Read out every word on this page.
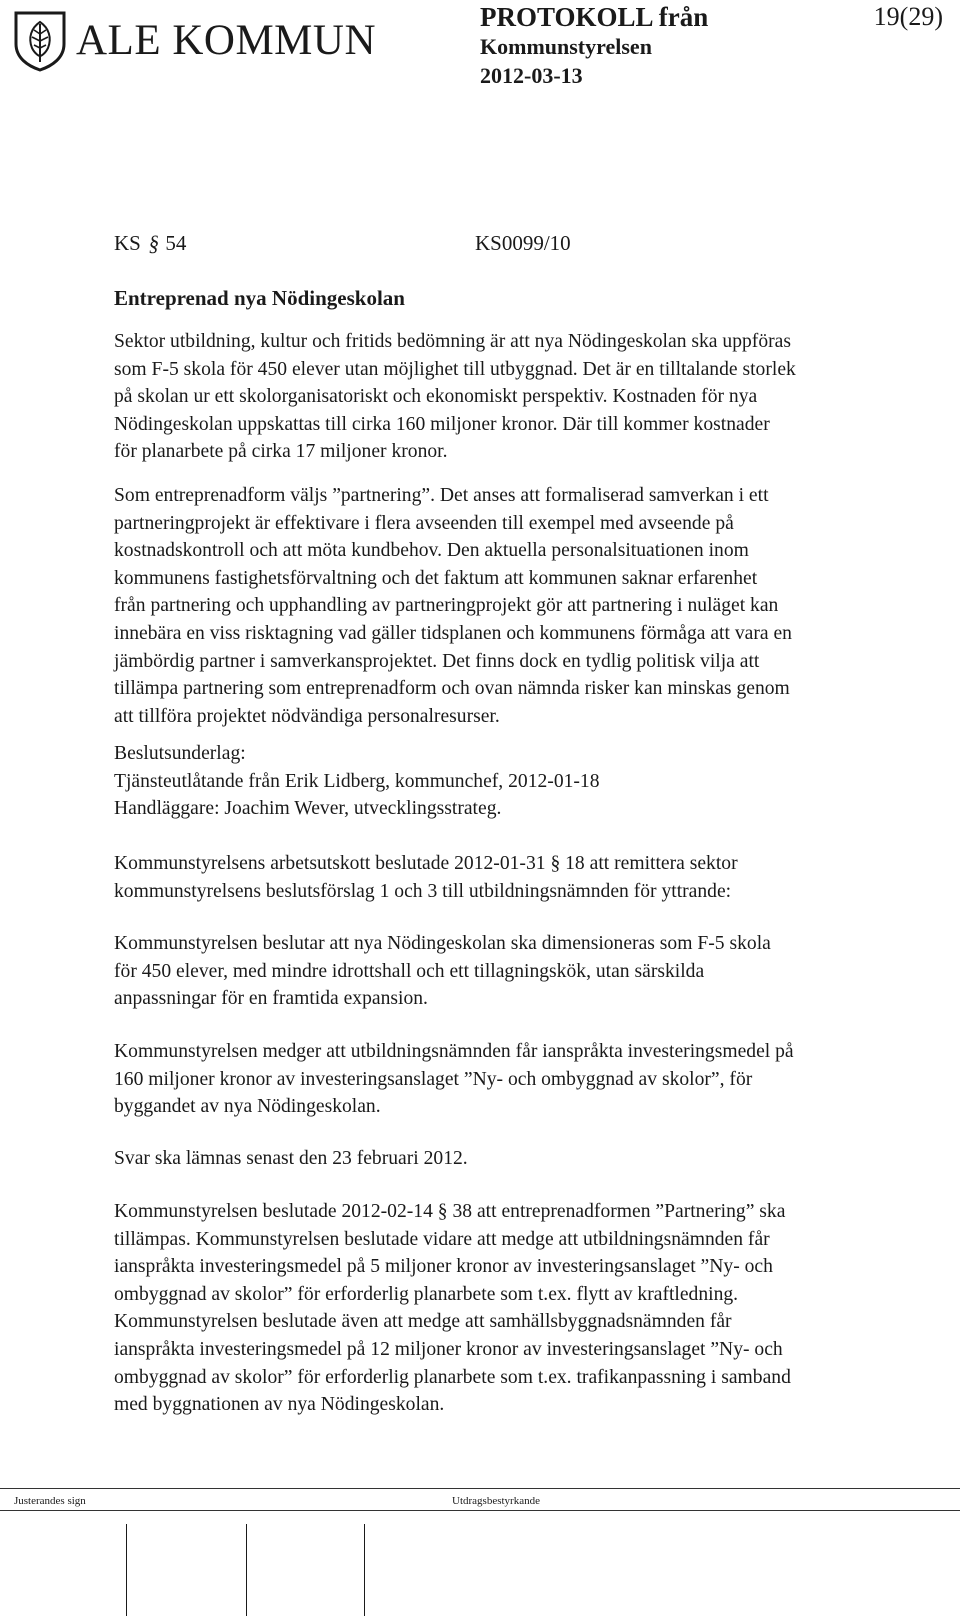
ALE KOMMUN	PROTOKOLL från
Kommunstyrelsen
2012-03-13
19(29)
KS § 54	KS0099/10
Entreprenad nya Nödingeskolan

Sektor utbildning, kultur och fritids bedömning är att nya Nödingeskolan ska uppföras
som F-5 skola för 450 elever utan möjlighet till utbyggnad. Det är en tilltalande storlek
på skolan ur ett skolorganisatoriskt och ekonomiskt perspektiv. Kostnaden för nya
Nödingeskolan uppskattas till cirka 160 miljoner kronor. Där till kommer kostnader
för planarbete på cirka 17 miljoner kronor.

Som entreprenadform väljs ”partnering”. Det anses att formaliserad samverkan i ett
partneringprojekt är effektivare i flera avseenden till exempel med avseende på
kostnadskontroll och att möta kundbehov. Den aktuella personalsituationen inom
kommunens fastighetsförvaltning och det faktum att kommunen saknar erfarenhet
från partnering och upphandling av partneringprojekt gör att partnering i nuläget kan
innebära en viss risktagning vad gäller tidsplanen och kommunens förmåga att vara en
jämbördig partner i samverkansprojektet. Det finns dock en tydlig politisk vilja att
tillämpa partnering som entreprenadform och ovan nämnda risker kan minskas genom
att tillföra projektet nödvändiga personalresurser.

Beslutsunderlag:
Tjänsteutlåtande från Erik Lidberg, kommunchef, 2012-01-18
Handläggare: Joachim Wever, utvecklingsstrateg.

Kommunstyrelsens arbetsutskott beslutade 2012-01-31 § 18 att remittera sektor
kommunstyrelsens beslutsförslag 1 och 3 till utbildningsnämnden för yttrande:

Kommunstyrelsen beslutar att nya Nödingeskolan ska dimensioneras som F-5 skola
för 450 elever, med mindre idrottshall och ett tillagningskök, utan särskilda
anpassningar för en framtida expansion.

Kommunstyrelsen medger att utbildningsnämnden får ianspråkta investeringsmedel på
160 miljoner kronor av investeringsanslaget ”Ny- och ombyggnad av skolor”, för
byggandet av nya Nödingeskolan.

Svar ska lämnas senast den 23 februari 2012.

Kommunstyrelsen beslutade 2012-02-14 § 38 att entreprenadformen ”Partnering” ska
tillämpas. Kommunstyrelsen beslutade vidare att medge att utbildningsnämnden får
ianspråkta investeringsmedel på 5 miljoner kronor av investeringsanslaget ”Ny- och
ombyggnad av skolor” för erforderlig planarbete som t.ex. flytt av kraftledning.
Kommunstyrelsen beslutade även att medge att samhällsbyggnadsnämnden får
ianspråkta investeringsmedel på 12 miljoner kronor av investeringsanslaget ”Ny- och
ombyggnad av skolor” för erforderlig planarbete som t.ex. trafikanpassning i samband
med byggnationen av nya Nödingeskolan.

Justerandes sign	Utdragsbestyrkande
